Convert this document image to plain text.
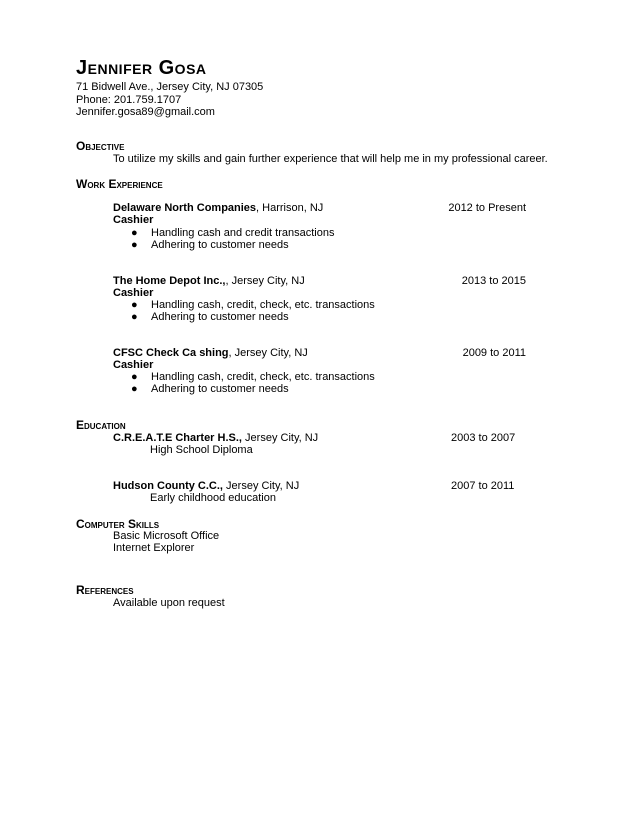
Jennifer Gosa
71 Bidwell Ave., Jersey City, NJ 07305
Phone: 201.759.1707
Jennifer.gosa89@gmail.com
Objective
To utilize my skills and gain further experience that will help me in my professional career.
Work Experience
Delaware North Companies, Harrison, NJ	2012 to Present
Cashier
● Handling cash and credit transactions
● Adhering to customer needs
The Home Depot Inc.,, Jersey City, NJ	2013 to 2015
Cashier
● Handling cash, credit, check, etc. transactions
● Adhering to customer needs
CFSC Check Ca shing, Jersey City, NJ	2009 to 2011
Cashier
● Handling cash, credit, check, etc. transactions
● Adhering to customer needs
Education
C.R.E.A.T.E Charter H.S., Jersey City, NJ	2003 to 2007
High School Diploma
Hudson County C.C., Jersey City, NJ	2007 to 2011
Early childhood education
Computer Skills
Basic Microsoft Office
Internet Explorer
References
Available upon request
